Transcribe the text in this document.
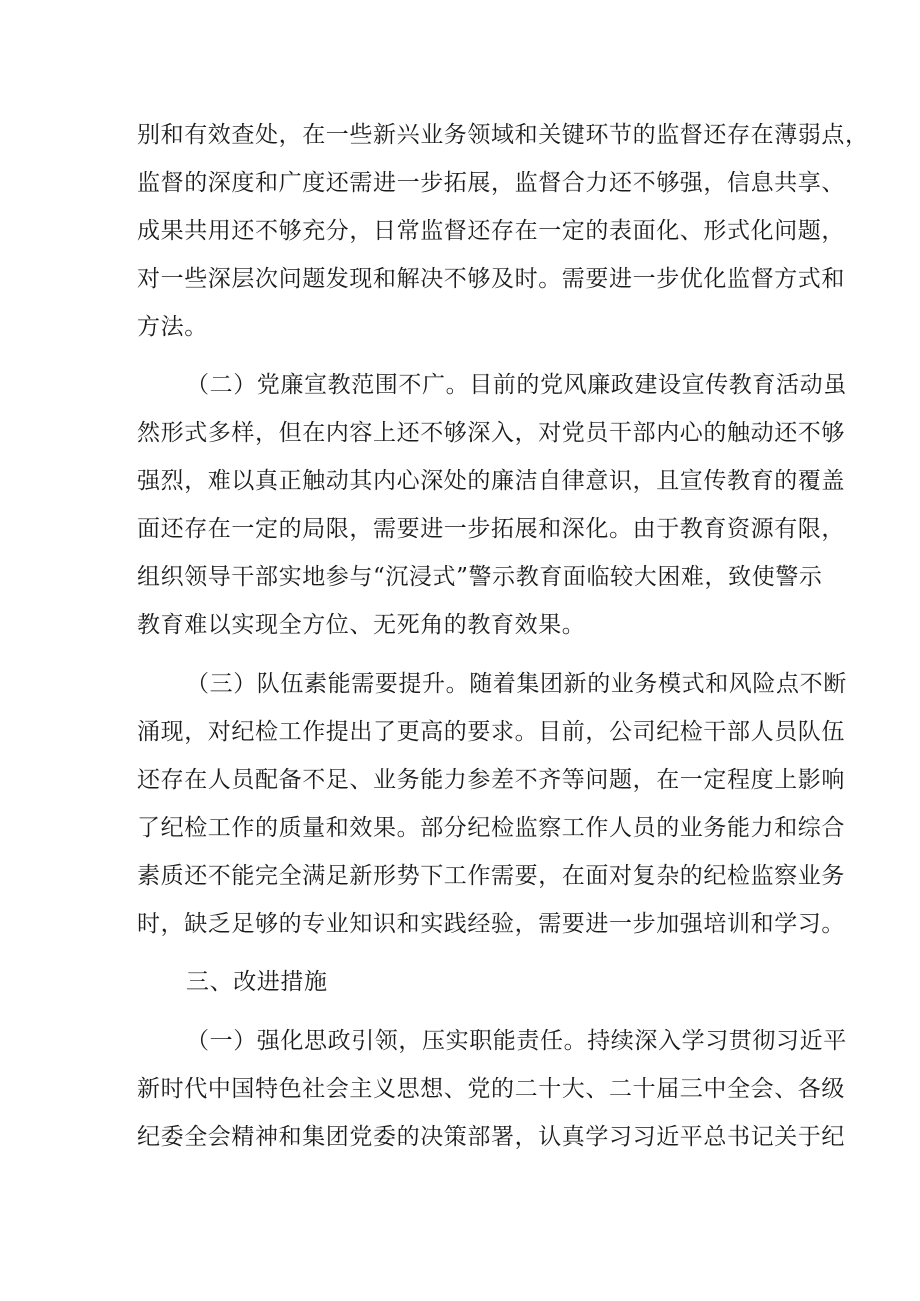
别和有效查处，在一些新兴业务领域和关键环节的监督还存在薄弱点，
监督的深度和广度还需进一步拓展，监督合力还不够强，信息共享、
成果共用还不够充分，日常监督还存在一定的表面化、形式化问题，
对一些深层次问题发现和解决不够及时。需要进一步优化监督方式和
方法。
（二）党廉宣教范围不广。目前的党风廉政建设宣传教育活动虽
然形式多样，但在内容上还不够深入，对党员干部内心的触动还不够
强烈，难以真正触动其内心深处的廉洁自律意识，且宣传教育的覆盖
面还存在一定的局限，需要进一步拓展和深化。由于教育资源有限，
组织领导干部实地参与“沉浸式”警示教育面临较大困难，致使警示
教育难以实现全方位、无死角的教育效果。
（三）队伍素能需要提升。随着集团新的业务模式和风险点不断
涌现，对纪检工作提出了更高的要求。目前，公司纪检干部人员队伍
还存在人员配备不足、业务能力参差不齐等问题，在一定程度上影响
了纪检工作的质量和效果。部分纪检监察工作人员的业务能力和综合
素质还不能完全满足新形势下工作需要，在面对复杂的纪检监察业务
时，缺乏足够的专业知识和实践经验，需要进一步加强培训和学习。
三、改进措施
（一）强化思政引领，压实职能责任。持续深入学习贯彻习近平
新时代中国特色社会主义思想、党的二十大、二十届三中全会、各级
纪委全会精神和集团党委的决策部署，认真学习习近平总书记关于纪
